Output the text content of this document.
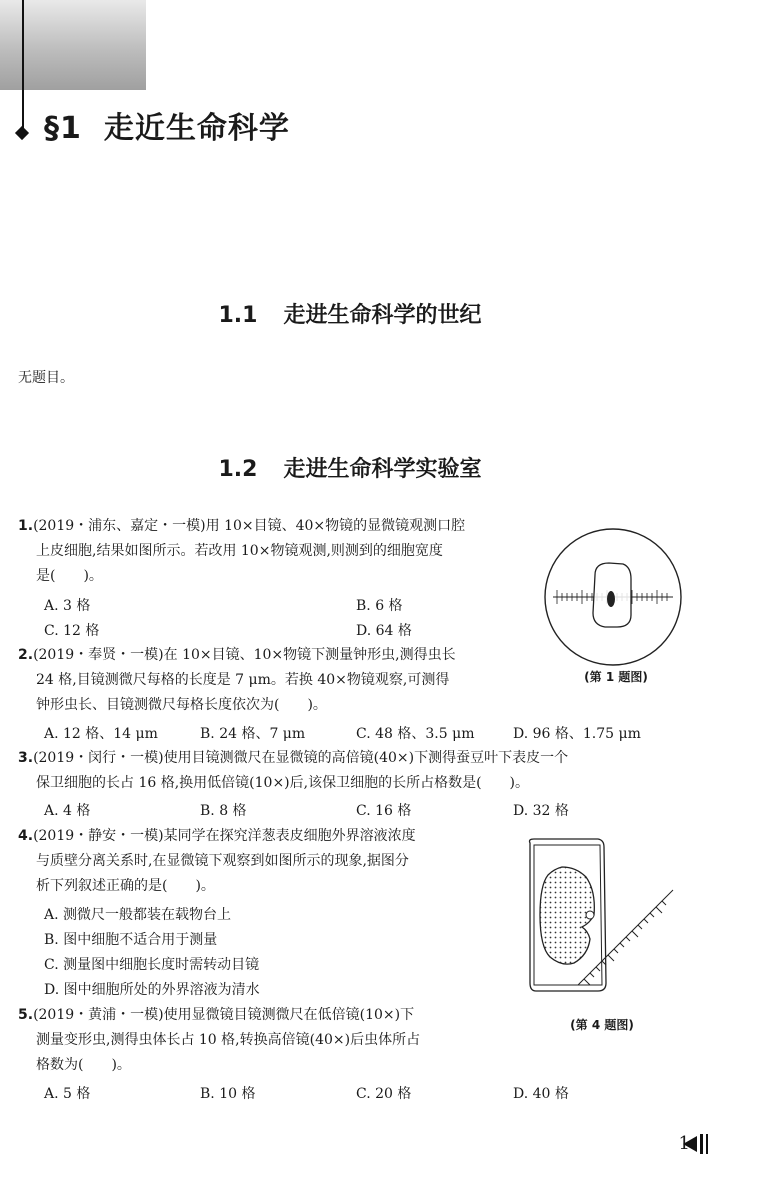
§1 走近生命科学
1.1 走进生命科学的世纪
无题目。
1.2 走进生命科学实验室
1.(2019・浦东、嘉定・一模)用 10×目镜、40×物镜的显微镜观测口腔
上皮细胞,结果如图所示。若改用 10×物镜观测,则测到的细胞宽度
是(　　)。
A. 3 格	B. 6 格
C. 12 格	D. 64 格
(第 1 题图)
2.(2019・奉贤・一模)在 10×目镜、10×物镜下测量钟形虫,测得虫长
24 格,目镜测微尺每格的长度是 7 μm。若换 40×物镜观察,可测得
钟形虫长、目镜测微尺每格长度依次为(　　)。
A. 12 格、14 μm	B. 24 格、7 μm	C. 48 格、3.5 μm	D. 96 格、1.75 μm
3.(2019・闵行・一模)使用目镜测微尺在显微镜的高倍镜(40×)下测得蚕豆叶下表皮一个
保卫细胞的长占 16 格,换用低倍镜(10×)后,该保卫细胞的长所占格数是(　　)。
A. 4 格	B. 8 格	C. 16 格	D. 32 格
4.(2019・静安・一模)某同学在探究洋葱表皮细胞外界溶液浓度
与质壁分离关系时,在显微镜下观察到如图所示的现象,据图分
析下列叙述正确的是(　　)。
A. 测微尺一般都装在载物台上
B. 图中细胞不适合用于测量
C. 测量图中细胞长度时需转动目镜
D. 图中细胞所处的外界溶液为清水
(第 4 题图)
5.(2019・黄浦・一模)使用显微镜目镜测微尺在低倍镜(10×)下
测量变形虫,测得虫体长占 10 格,转换高倍镜(40×)后虫体所占
格数为(　　)。
A. 5 格	B. 10 格	C. 20 格	D. 40 格
1
